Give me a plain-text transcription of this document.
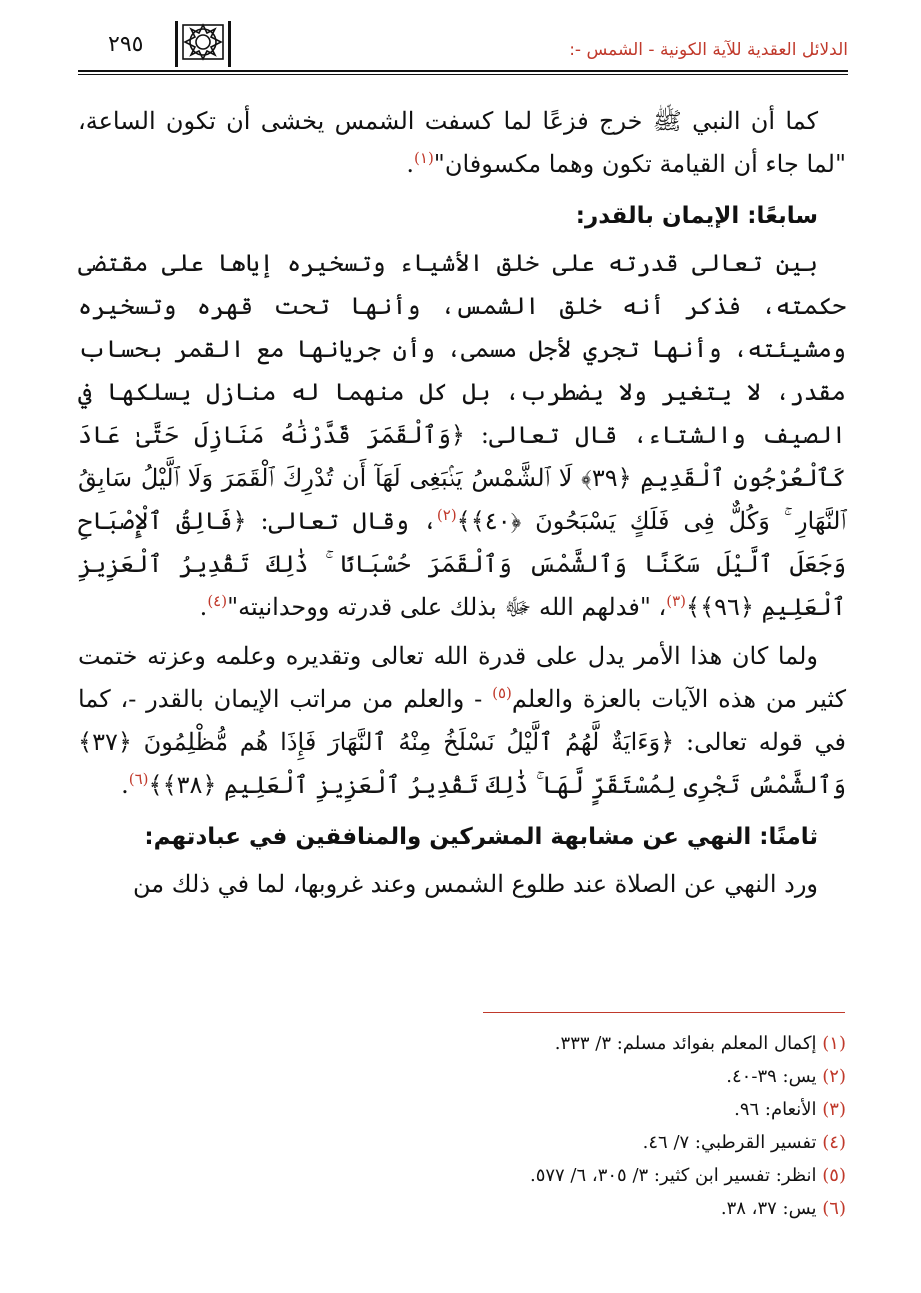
٢٩٥	الدلائل العقدية للآية الكونية - الشمس -:

كما أن النبي ﷺ خرج فزعًا لما كسفت الشمس يخشى أن تكون الساعة، "لما جاء أن القيامة تكون وهما مكسوفان"$^{(١)}$.

سابعًا: الإيمان بالقدر:

بين تعالى قدرته على خلق الأشياء وتسخيره إياها على مقتضى حكمته، فذكر أنه خلق الشمس، وأنها تحت قهره وتسخيره ومشيئته، وأنها تجري لأجل مسمى، وأن جريانها مع القمر بحساب مقدر، لا يتغير ولا يضطرب، بل كل منهما له منازل يسلكها في الصيف والشتاء، قال تعالى: ﴿وَٱلْقَمَرَ قَدَّرْنَٰهُ مَنَازِلَ حَتَّىٰ عَادَ كَٱلْعُرْجُونِ ٱلْقَدِيمِ ﴿٣٩﴾ لَا ٱلشَّمْسُ يَنۢبَغِى لَهَآ أَن تُدْرِكَ ٱلْقَمَرَ وَلَا ٱلَّيْلُ سَابِقُ ٱلنَّهَارِ ۚ وَكُلٌّ فِى فَلَكٍ يَسْبَحُونَ ﴿٤٠﴾﴾$^{(٢)}$، وقال تعالى: ﴿فَالِقُ ٱلْإِصْبَاحِ وَجَعَلَ ٱلَّيْلَ سَكَنًا وَٱلشَّمْسَ وَٱلْقَمَرَ حُسْبَانًا ۚ ذَٰلِكَ تَقْدِيرُ ٱلْعَزِيزِ ٱلْعَلِيمِ ﴿٩٦﴾﴾$^{(٣)}$، "فدلهم الله ﷻ بذلك على قدرته ووحدانيته"$^{(٤)}$.

ولما كان هذا الأمر يدل على قدرة الله تعالى وتقديره وعلمه وعزته ختمت كثير من هذه الآيات بالعزة والعلم$^{(٥)}$ - والعلم من مراتب الإيمان بالقدر -، كما في قوله تعالى: ﴿وَءَايَةٌ لَّهُمُ ٱلَّيْلُ نَسْلَخُ مِنْهُ ٱلنَّهَارَ فَإِذَا هُم مُّظْلِمُونَ ﴿٣٧﴾ وَٱلشَّمْسُ تَجْرِى لِمُسْتَقَرٍّ لَّهَا ۚ ذَٰلِكَ تَقْدِيرُ ٱلْعَزِيزِ ٱلْعَلِيمِ ﴿٣٨﴾﴾$^{(٦)}$.

ثامنًا: النهي عن مشابهة المشركين والمنافقين في عبادتهم:

ورد النهي عن الصلاة عند طلوع الشمس وعند غروبها، لما في ذلك من

(١) إكمال المعلم بفوائد مسلم: ٣/ ٣٣٣.

(٢) يس: ٣٩-٤٠.

(٣) الأنعام: ٩٦.

(٤) تفسير القرطبي: ٧/ ٤٦.

(٥) انظر: تفسير ابن كثير: ٣/ ٣٠٥، ٦/ ٥٧٧.

(٦) يس: ٣٧، ٣٨.
